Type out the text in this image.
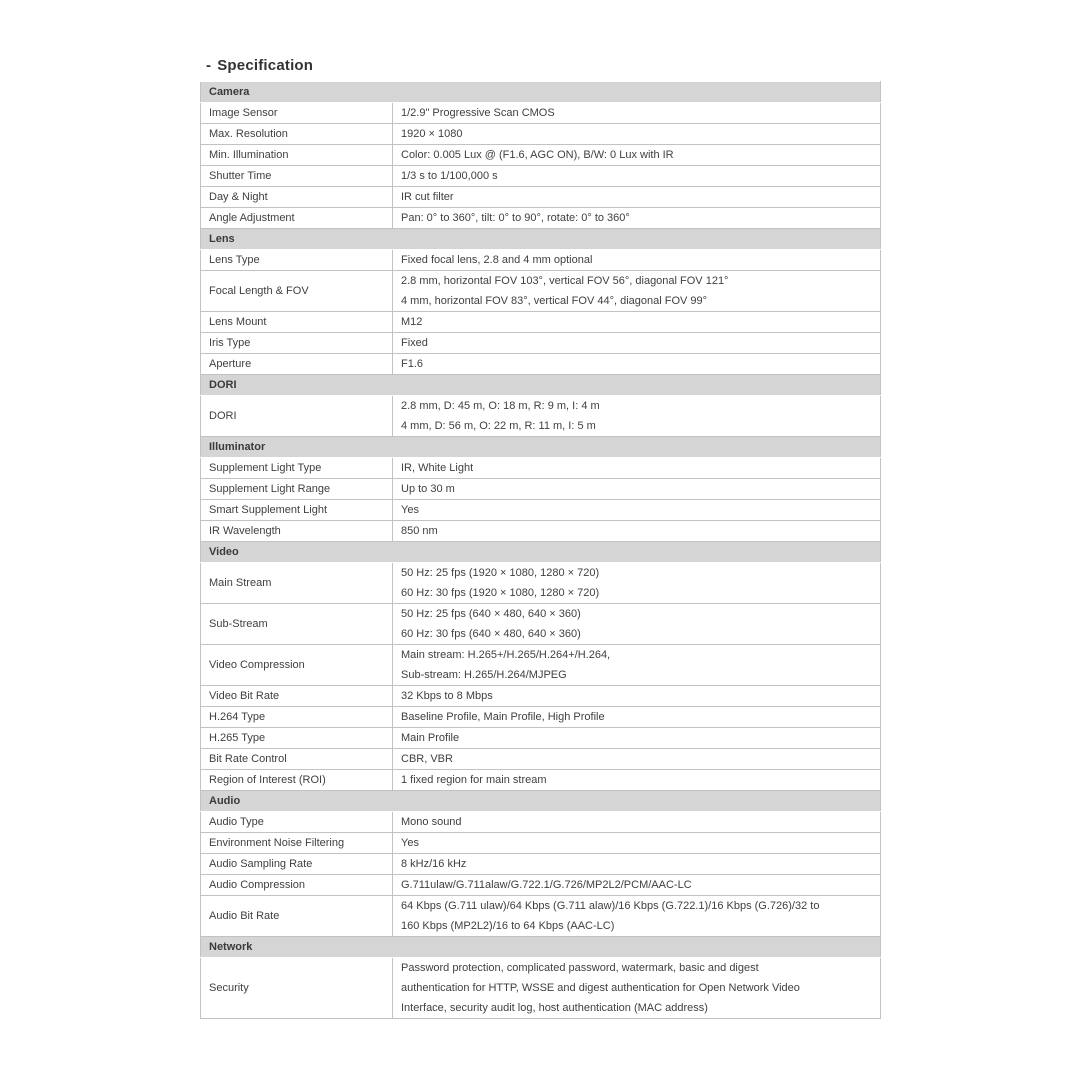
- Specification
Camera	
Image Sensor	1/2.9" Progressive Scan CMOS

Max. Resolution	1920 × 1080

Min. Illumination	Color: 0.005 Lux @ (F1.6, AGC ON), B/W: 0 Lux with IR

Shutter Time	1/3 s to 1/100,000 s

Day & Night	IR cut filter

Angle Adjustment	Pan: 0° to 360°, tilt: 0° to 90°, rotate: 0° to 360°

Lens	
Lens Type	Fixed focal lens, 2.8 and 4 mm optional

Focal Length & FOV	2.8 mm, horizontal FOV 103°, vertical FOV 56°, diagonal FOV 121°
4 mm, horizontal FOV 83°, vertical FOV 44°, diagonal FOV 99°

Lens Mount	M12

Iris Type	Fixed

Aperture	F1.6

DORI	
DORI	2.8 mm, D: 45 m, O: 18 m, R: 9 m, I: 4 m
4 mm, D: 56 m, O: 22 m, R: 11 m, I: 5 m

Illuminator	
Supplement Light Type	IR, White Light

Supplement Light Range	Up to 30 m

Smart Supplement Light	Yes

IR Wavelength	850 nm

Video	
Main Stream	50 Hz: 25 fps (1920 × 1080, 1280 × 720)
60 Hz: 30 fps (1920 × 1080, 1280 × 720)

Sub-Stream	50 Hz: 25 fps (640 × 480, 640 × 360)
60 Hz: 30 fps (640 × 480, 640 × 360)

Video Compression	Main stream: H.265+/H.265/H.264+/H.264,
Sub-stream: H.265/H.264/MJPEG

Video Bit Rate	32 Kbps to 8 Mbps

H.264 Type	Baseline Profile, Main Profile, High Profile

H.265 Type	Main Profile

Bit Rate Control	CBR, VBR

Region of Interest (ROI)	1 fixed region for main stream

Audio	
Audio Type	Mono sound

Environment Noise Filtering	Yes

Audio Sampling Rate	8 kHz/16 kHz

Audio Compression	G.711ulaw/G.711alaw/G.722.1/G.726/MP2L2/PCM/AAC-LC

Audio Bit Rate	64 Kbps (G.711 ulaw)/64 Kbps (G.711 alaw)/16 Kbps (G.722.1)/16 Kbps (G.726)/32 to
160 Kbps (MP2L2)/16 to 64 Kbps (AAC-LC)

Network	
Security	Password protection, complicated password, watermark, basic and digest
authentication for HTTP, WSSE and digest authentication for Open Network Video
Interface, security audit log, host authentication (MAC address)
